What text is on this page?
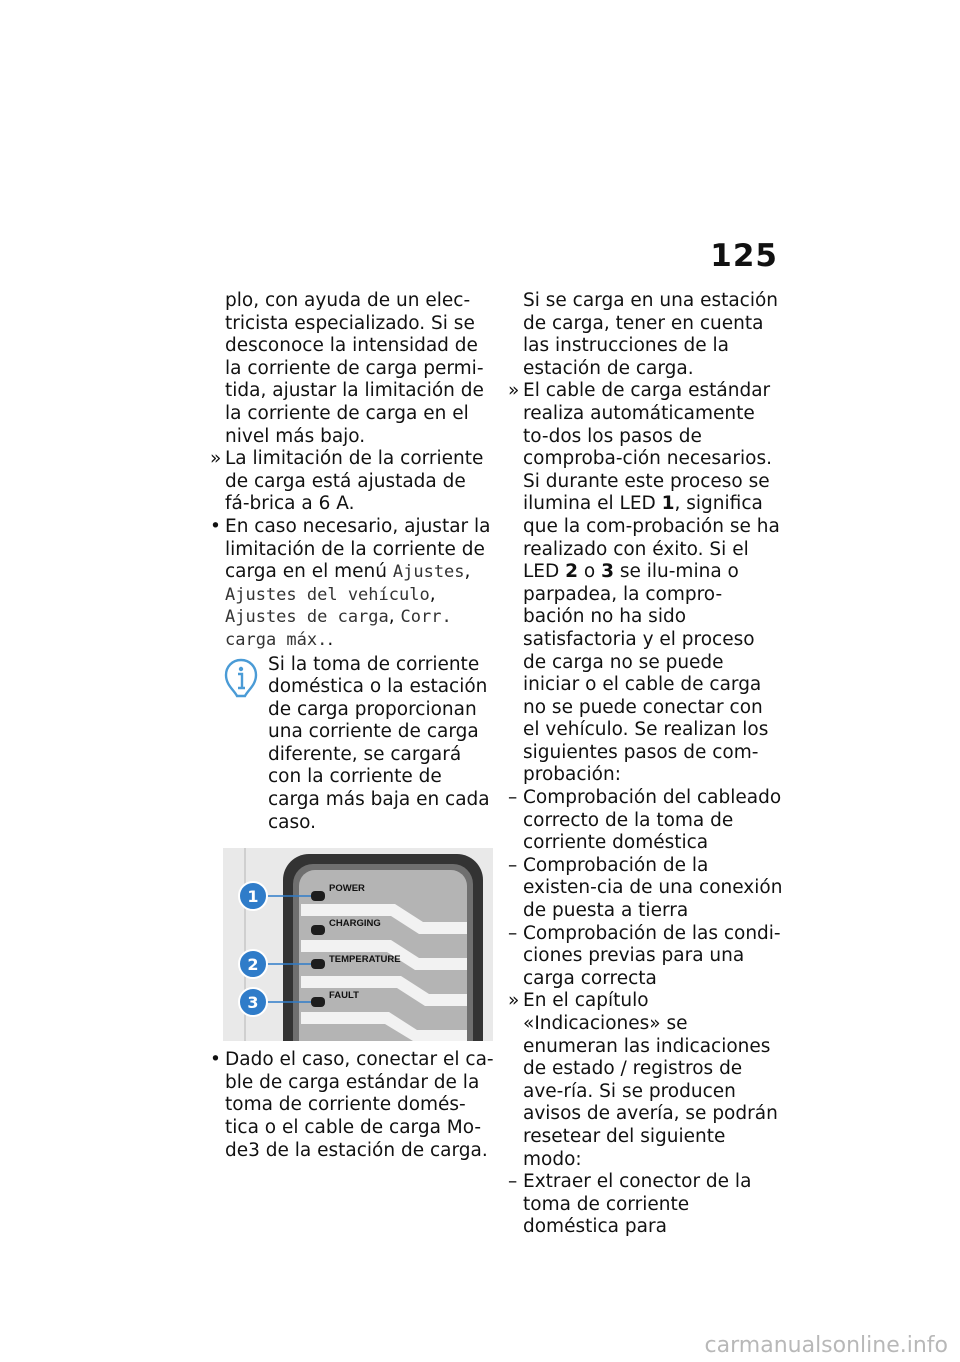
125
plo, con ayuda de un elec-tricista especializado. Si se desconoce la intensidad de la corriente de carga permi-tida, ajustar la limitación de la corriente de carga en el nivel más bajo.
» La limitación de la corriente de carga está ajustada de fá-brica a 6 A.
• En caso necesario, ajustar la limitación de la corriente de carga en el menú Ajustes, Ajustes del vehículo, Ajustes de carga, Corr. carga máx..
Si la toma de corriente doméstica o la estación de carga proporcionan una corriente de carga diferente, se cargará con la corriente de carga más baja en cada caso.
POWER
CHARGING
TEMPERATURE
FAULT
1
2
3
• Dado el caso, conectar el ca-ble de carga estándar de la toma de corriente domés-tica o el cable de carga Mo-de3 de la estación de carga.
Si se carga en una estación de carga, tener en cuenta las instrucciones de la estación de carga.
» El cable de carga estándar realiza automáticamente to-dos los pasos de comproba-ción necesarios. Si durante este proceso se ilumina el LED 1, significa que la com-probación se ha realizado con éxito. Si el LED 2 o 3 se ilu-mina o parpadea, la compro-bación no ha sido satisfactoria y el proceso de carga no se puede iniciar o el cable de carga no se puede conectar con el vehículo. Se realizan los siguientes pasos de com-probación:
– Comprobación del cableado correcto de la toma de corriente doméstica
– Comprobación de la existen-cia de una conexión de puesta a tierra
– Comprobación de las condi-ciones previas para una carga correcta
» En el capítulo «Indicaciones» se enumeran las indicaciones de estado / registros de ave-ría. Si se producen avisos de avería, se podrán resetear del siguiente modo:
– Extraer el conector de la toma de corriente doméstica para
carmanualsonline.info
